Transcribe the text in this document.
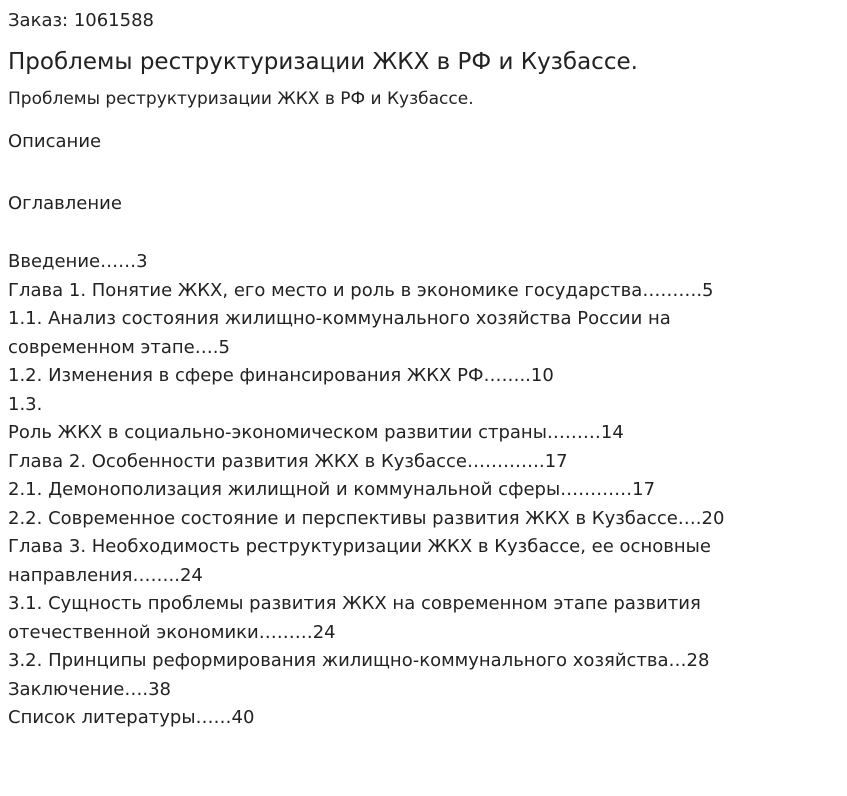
Заказ: 1061588
Проблемы реструктуризации ЖКХ в РФ и Кузбассе.
Проблемы реструктуризации ЖКХ в РФ и Кузбассе.
Описание
Оглавление
Введение……3
Глава 1. Понятие ЖКХ, его место и роль в экономике государства……….5
1.1. Анализ состояния жилищно-коммунального хозяйства России на
современном этапе….5
1.2. Изменения в сфере финансирования ЖКХ РФ……..10
1.3.
Роль ЖКХ в социально-экономическом развитии страны………14
Глава 2. Особенности развития ЖКХ в Кузбассе………….17
2.1. Демонополизация жилищной и коммунальной сферы…………17
2.2. Современное состояние и перспективы развития ЖКХ в Кузбассе….20
Глава 3. Необходимость реструктуризации ЖКХ в Кузбассе, ее основные
направления……..24
3.1. Сущность проблемы развития ЖКХ на современном этапе развития
отечественной экономики………24
3.2. Принципы реформирования жилищно-коммунального хозяйства…28
Заключение….38
Список литературы……40
